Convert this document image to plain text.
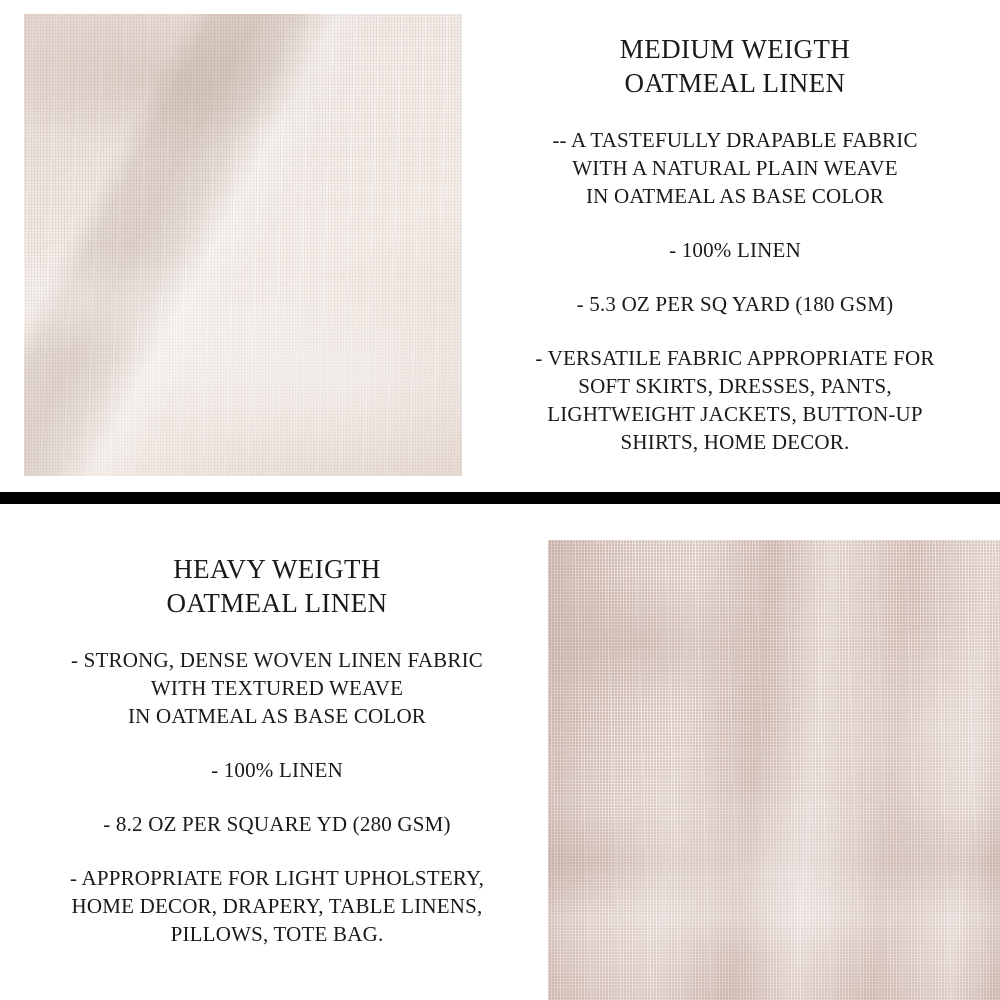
MEDIUM WEIGTH
OATMEAL LINEN
-- A TASTEFULLY DRAPABLE FABRIC
WITH A NATURAL PLAIN WEAVE
IN OATMEAL AS BASE COLOR
- 100% LINEN
- 5.3 OZ PER SQ YARD (180 GSM)
- VERSATILE FABRIC APPROPRIATE FOR
SOFT SKIRTS, DRESSES, PANTS,
LIGHTWEIGHT JACKETS, BUTTON-UP
SHIRTS, HOME DECOR.
HEAVY WEIGTH
OATMEAL LINEN
- STRONG, DENSE WOVEN LINEN FABRIC
WITH TEXTURED WEAVE
IN OATMEAL AS BASE COLOR
- 100% LINEN
- 8.2 OZ PER SQUARE YD (280 GSM)
- APPROPRIATE FOR LIGHT UPHOLSTERY,
HOME DECOR, DRAPERY, TABLE LINENS,
PILLOWS, TOTE BAG.
